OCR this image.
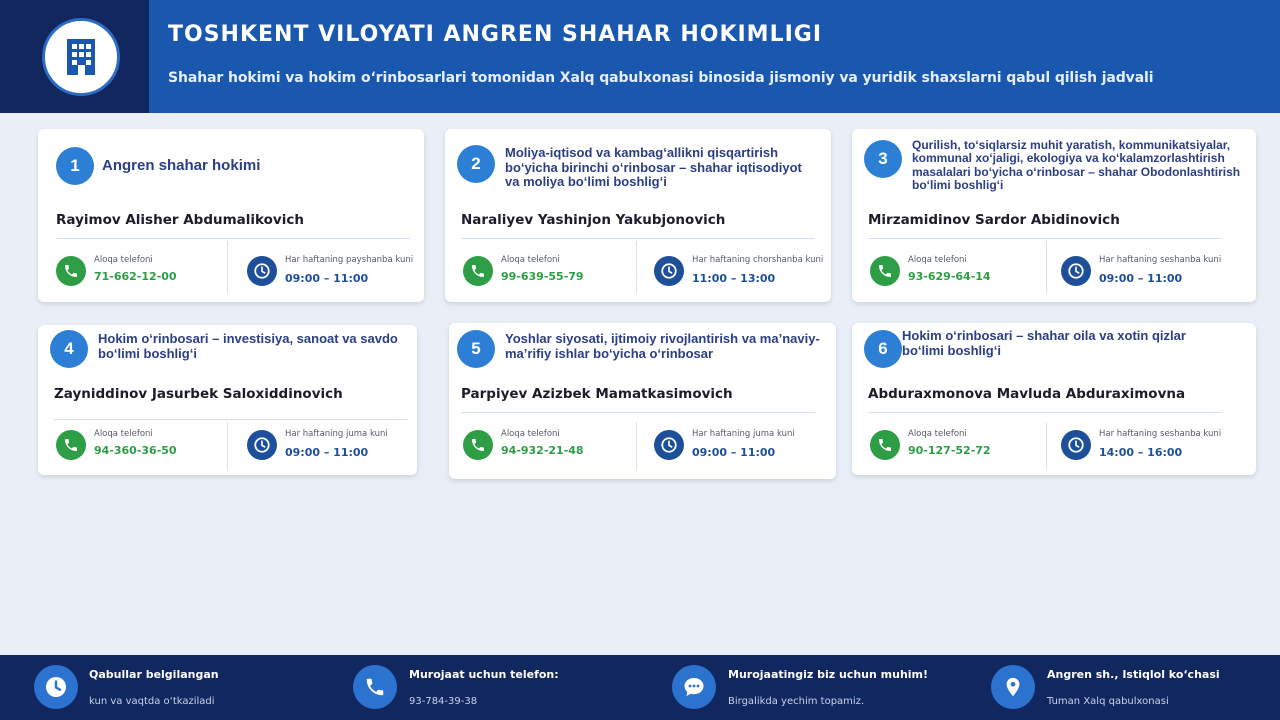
TOSHKENT VILOYATI ANGREN SHAHAR HOKIMLIGI
Shahar hokimi va hokim o‘rinbosarlari tomonidan Xalq qabulxonasi binosida jismoniy va yuridik shaxslarni qabul qilish jadvali
1	Angren shahar hokimi
Rayimov Alisher Abdumalikovich
Aloqa telefoni
71-662-12-00
Har haftaning payshanba kuni
09:00 – 11:00
2
Moliya-iqtisod va kambag‘allikni qisqartirish bo‘yicha birinchi o‘rinbosar – shahar iqtisodiyot va moliya bo‘limi boshlig‘i
Naraliyev Yashinjon Yakubjonovich
Aloqa telefoni
99-639-55-79
Har haftaning chorshanba kuni
11:00 – 13:00
3
Qurilish, to‘siqlarsiz muhit yaratish, kommunikatsiyalar, kommunal xo‘jaligi, ekologiya va ko‘kalamzorlashtirish masalalari bo‘yicha o‘rinbosar – shahar Obodonlashtirish bo‘limi boshlig‘i
Mirzamidinov Sardor Abidinovich
Aloqa telefoni
93-629-64-14
Har haftaning seshanba kuni
09:00 – 11:00
4
Hokim o‘rinbosari – investisiya, sanoat va savdo bo‘limi boshlig‘i
Zayniddinov Jasurbek Saloxiddinovich
Aloqa telefoni
94-360-36-50
Har haftaning juma kuni
09:00 – 11:00
5
Yoshlar siyosati, ijtimoiy rivojlantirish va ma’naviy-ma’rifiy ishlar bo‘yicha o‘rinbosar
Parpiyev Azizbek Mamatkasimovich
Aloqa telefoni
94-932-21-48
Har haftaning juma kuni
09:00 – 11:00
6
Hokim o‘rinbosari – shahar oila va xotin qizlar bo‘limi boshlig‘i
Abduraxmonova Mavluda Abduraximovna
Aloqa telefoni
90-127-52-72
Har haftaning seshanba kuni
14:00 – 16:00
Qabullar belgilangan
kun va vaqtda o‘tkaziladi
Murojaat uchun telefon:
93-784-39-38
Murojaatingiz biz uchun muhim!
Birgalikda yechim topamiz.
Angren sh., Istiqlol ko‘chasi
Tuman Xalq qabulxonasi
